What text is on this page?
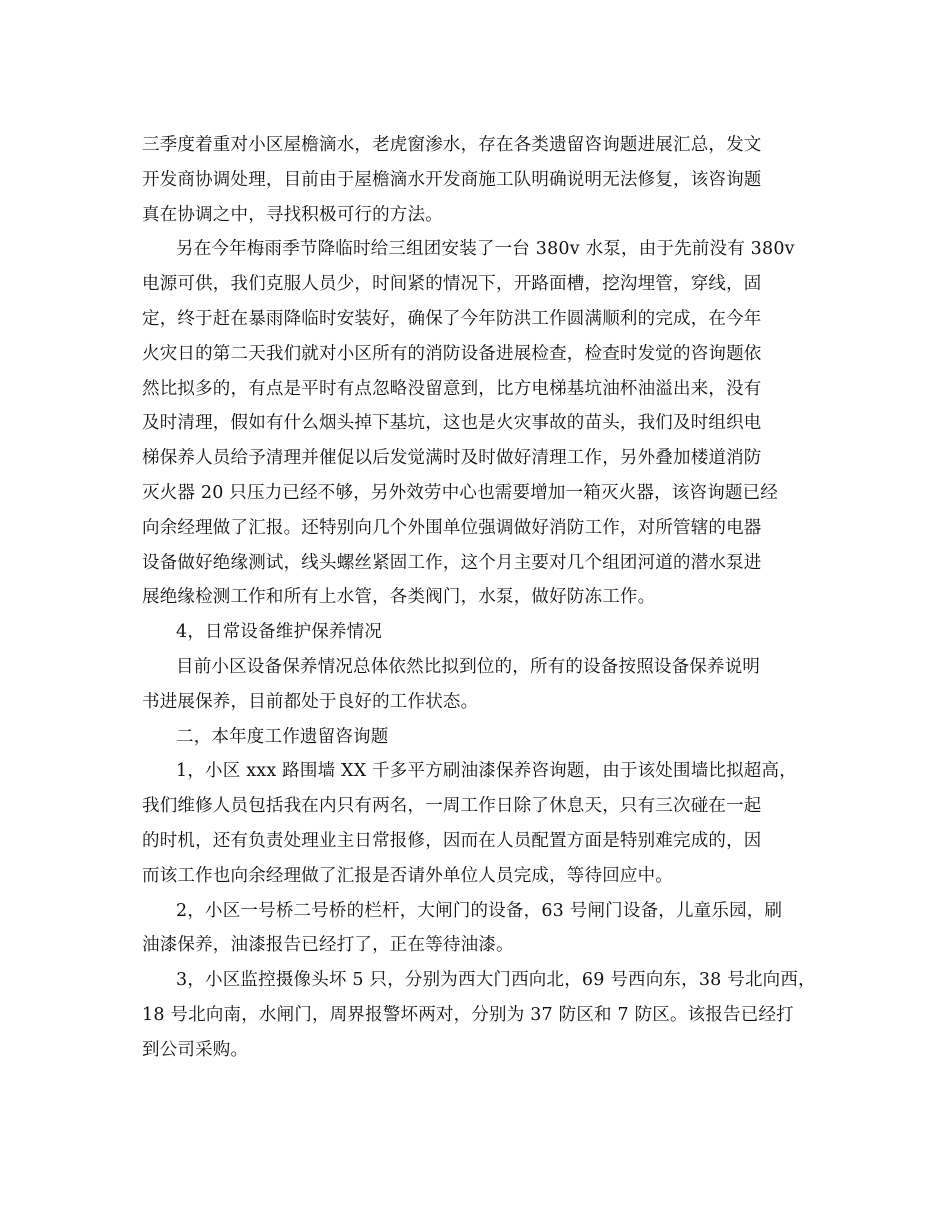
三季度着重对小区屋檐滴水，老虎窗渗水，存在各类遗留咨询题进展汇总，发文
开发商协调处理，目前由于屋檐滴水开发商施工队明确说明无法修复，该咨询题
真在协调之中，寻找积极可行的方法。
另在今年梅雨季节降临时给三组团安装了一台 380v 水泵，由于先前没有 380v
电源可供，我们克服人员少，时间紧的情况下，开路面槽，挖沟埋管，穿线，固
定，终于赶在暴雨降临时安装好，确保了今年防洪工作圆满顺利的完成，在今年
火灾日的第二天我们就对小区所有的消防设备进展检查，检查时发觉的咨询题依
然比拟多的，有点是平时有点忽略没留意到，比方电梯基坑油杯油溢出来，没有
及时清理，假如有什么烟头掉下基坑，这也是火灾事故的苗头，我们及时组织电
梯保养人员给予清理并催促以后发觉满时及时做好清理工作，另外叠加楼道消防
灭火器 20 只压力已经不够，另外效劳中心也需要增加一箱灭火器，该咨询题已经
向余经理做了汇报。还特别向几个外围单位强调做好消防工作，对所管辖的电器
设备做好绝缘测试，线头螺丝紧固工作，这个月主要对几个组团河道的潜水泵进
展绝缘检测工作和所有上水管，各类阀门，水泵，做好防冻工作。
4，日常设备维护保养情况
目前小区设备保养情况总体依然比拟到位的，所有的设备按照设备保养说明
书进展保养，目前都处于良好的工作状态。
二，本年度工作遗留咨询题
1，小区 xxx 路围墙 XX 千多平方刷油漆保养咨询题，由于该处围墙比拟超高，
我们维修人员包括我在内只有两名，一周工作日除了休息天，只有三次碰在一起
的时机，还有负责处理业主日常报修，因而在人员配置方面是特别难完成的，因
而该工作也向余经理做了汇报是否请外单位人员完成，等待回应中。
2，小区一号桥二号桥的栏杆，大闸门的设备，63 号闸门设备，儿童乐园，刷
油漆保养，油漆报告已经打了，正在等待油漆。
3，小区监控摄像头坏 5 只，分别为西大门西向北，69 号西向东，38 号北向西，
18 号北向南，水闸门，周界报警坏两对，分别为 37 防区和 7 防区。该报告已经打
到公司采购。
